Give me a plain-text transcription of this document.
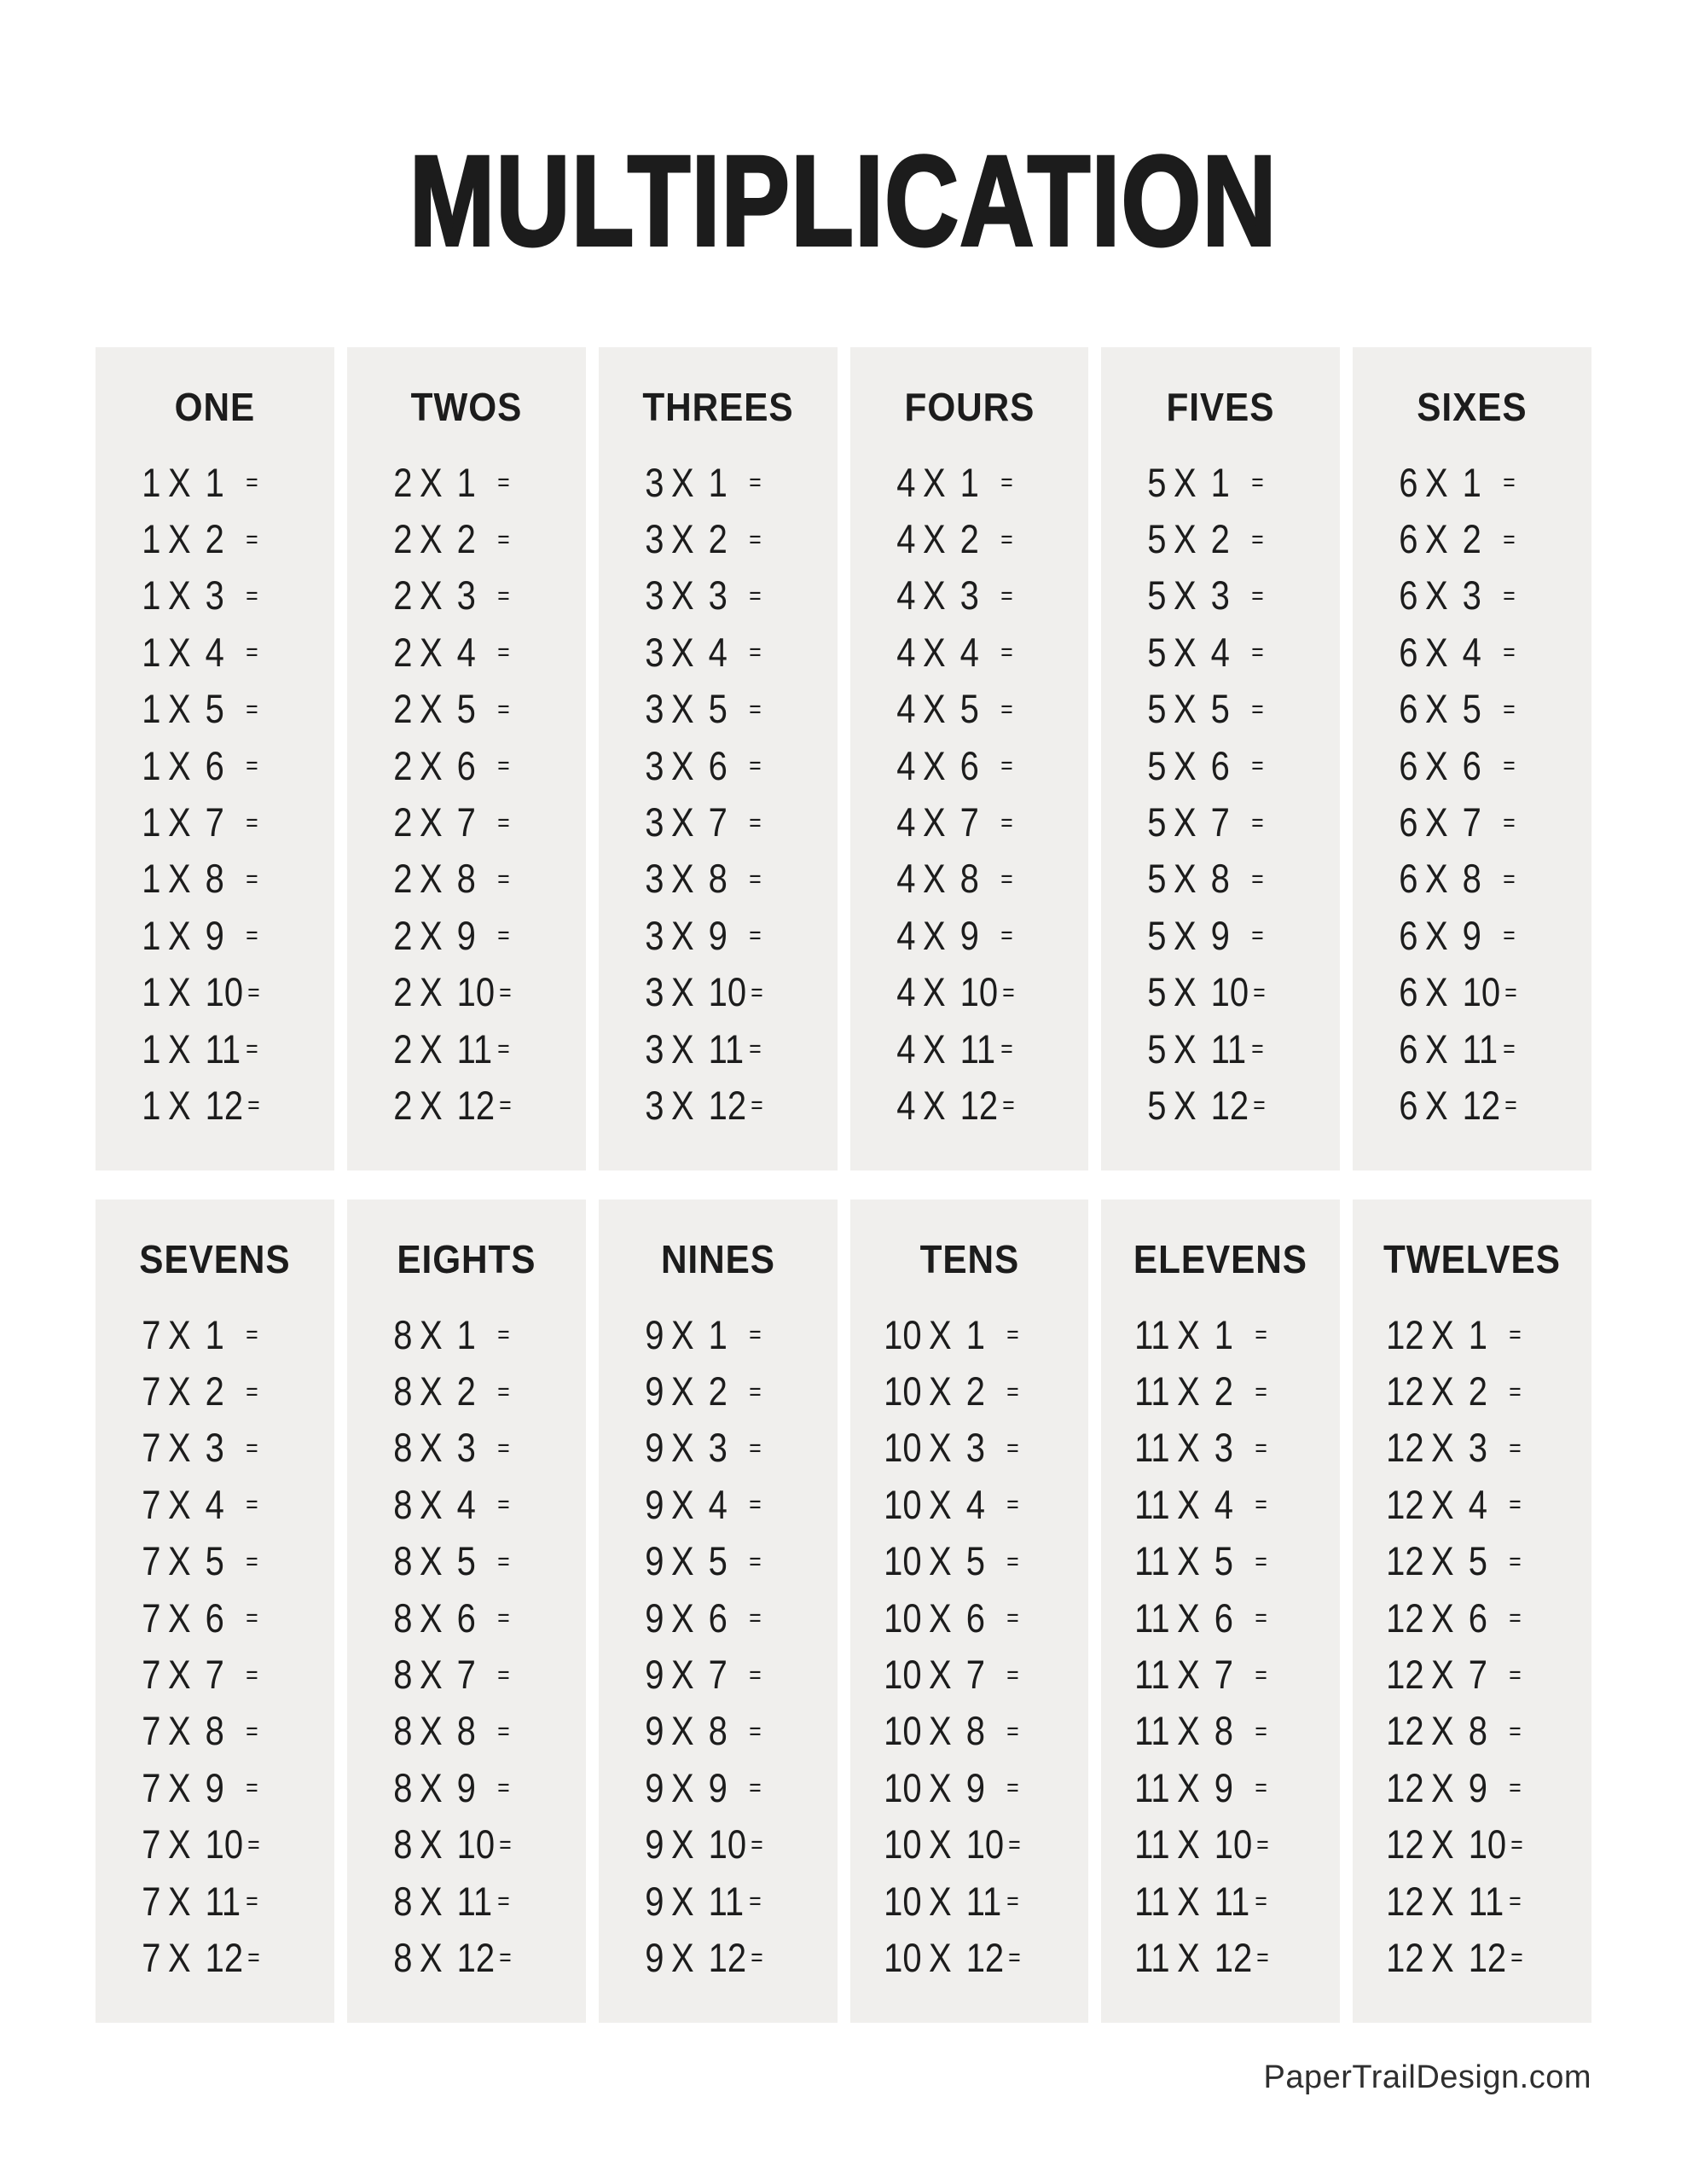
MULTIPLICATION
ONE
1 X 1 =
1 X 2 =
1 X 3 =
1 X 4 =
1 X 5 =
1 X 6 =
1 X 7 =
1 X 8 =
1 X 9 =
1 X 10 =
1 X 11 =
1 X 12 =
TWOS
2 X 1 =
2 X 2 =
2 X 3 =
2 X 4 =
2 X 5 =
2 X 6 =
2 X 7 =
2 X 8 =
2 X 9 =
2 X 10 =
2 X 11 =
2 X 12 =
THREES
3 X 1 =
3 X 2 =
3 X 3 =
3 X 4 =
3 X 5 =
3 X 6 =
3 X 7 =
3 X 8 =
3 X 9 =
3 X 10 =
3 X 11 =
3 X 12 =
FOURS
4 X 1 =
4 X 2 =
4 X 3 =
4 X 4 =
4 X 5 =
4 X 6 =
4 X 7 =
4 X 8 =
4 X 9 =
4 X 10 =
4 X 11 =
4 X 12 =
FIVES
5 X 1 =
5 X 2 =
5 X 3 =
5 X 4 =
5 X 5 =
5 X 6 =
5 X 7 =
5 X 8 =
5 X 9 =
5 X 10 =
5 X 11 =
5 X 12 =
SIXES
6 X 1 =
6 X 2 =
6 X 3 =
6 X 4 =
6 X 5 =
6 X 6 =
6 X 7 =
6 X 8 =
6 X 9 =
6 X 10 =
6 X 11 =
6 X 12 =
SEVENS
7 X 1 =
7 X 2 =
7 X 3 =
7 X 4 =
7 X 5 =
7 X 6 =
7 X 7 =
7 X 8 =
7 X 9 =
7 X 10 =
7 X 11 =
7 X 12 =
EIGHTS
8 X 1 =
8 X 2 =
8 X 3 =
8 X 4 =
8 X 5 =
8 X 6 =
8 X 7 =
8 X 8 =
8 X 9 =
8 X 10 =
8 X 11 =
8 X 12 =
NINES
9 X 1 =
9 X 2 =
9 X 3 =
9 X 4 =
9 X 5 =
9 X 6 =
9 X 7 =
9 X 8 =
9 X 9 =
9 X 10 =
9 X 11 =
9 X 12 =
TENS
10 X 1 =
10 X 2 =
10 X 3 =
10 X 4 =
10 X 5 =
10 X 6 =
10 X 7 =
10 X 8 =
10 X 9 =
10 X 10 =
10 X 11 =
10 X 12 =
ELEVENS
11 X 1 =
11 X 2 =
11 X 3 =
11 X 4 =
11 X 5 =
11 X 6 =
11 X 7 =
11 X 8 =
11 X 9 =
11 X 10 =
11 X 11 =
11 X 12 =
TWELVES
12 X 1 =
12 X 2 =
12 X 3 =
12 X 4 =
12 X 5 =
12 X 6 =
12 X 7 =
12 X 8 =
12 X 9 =
12 X 10 =
12 X 11 =
12 X 12 =
PaperTrailDesign.com
